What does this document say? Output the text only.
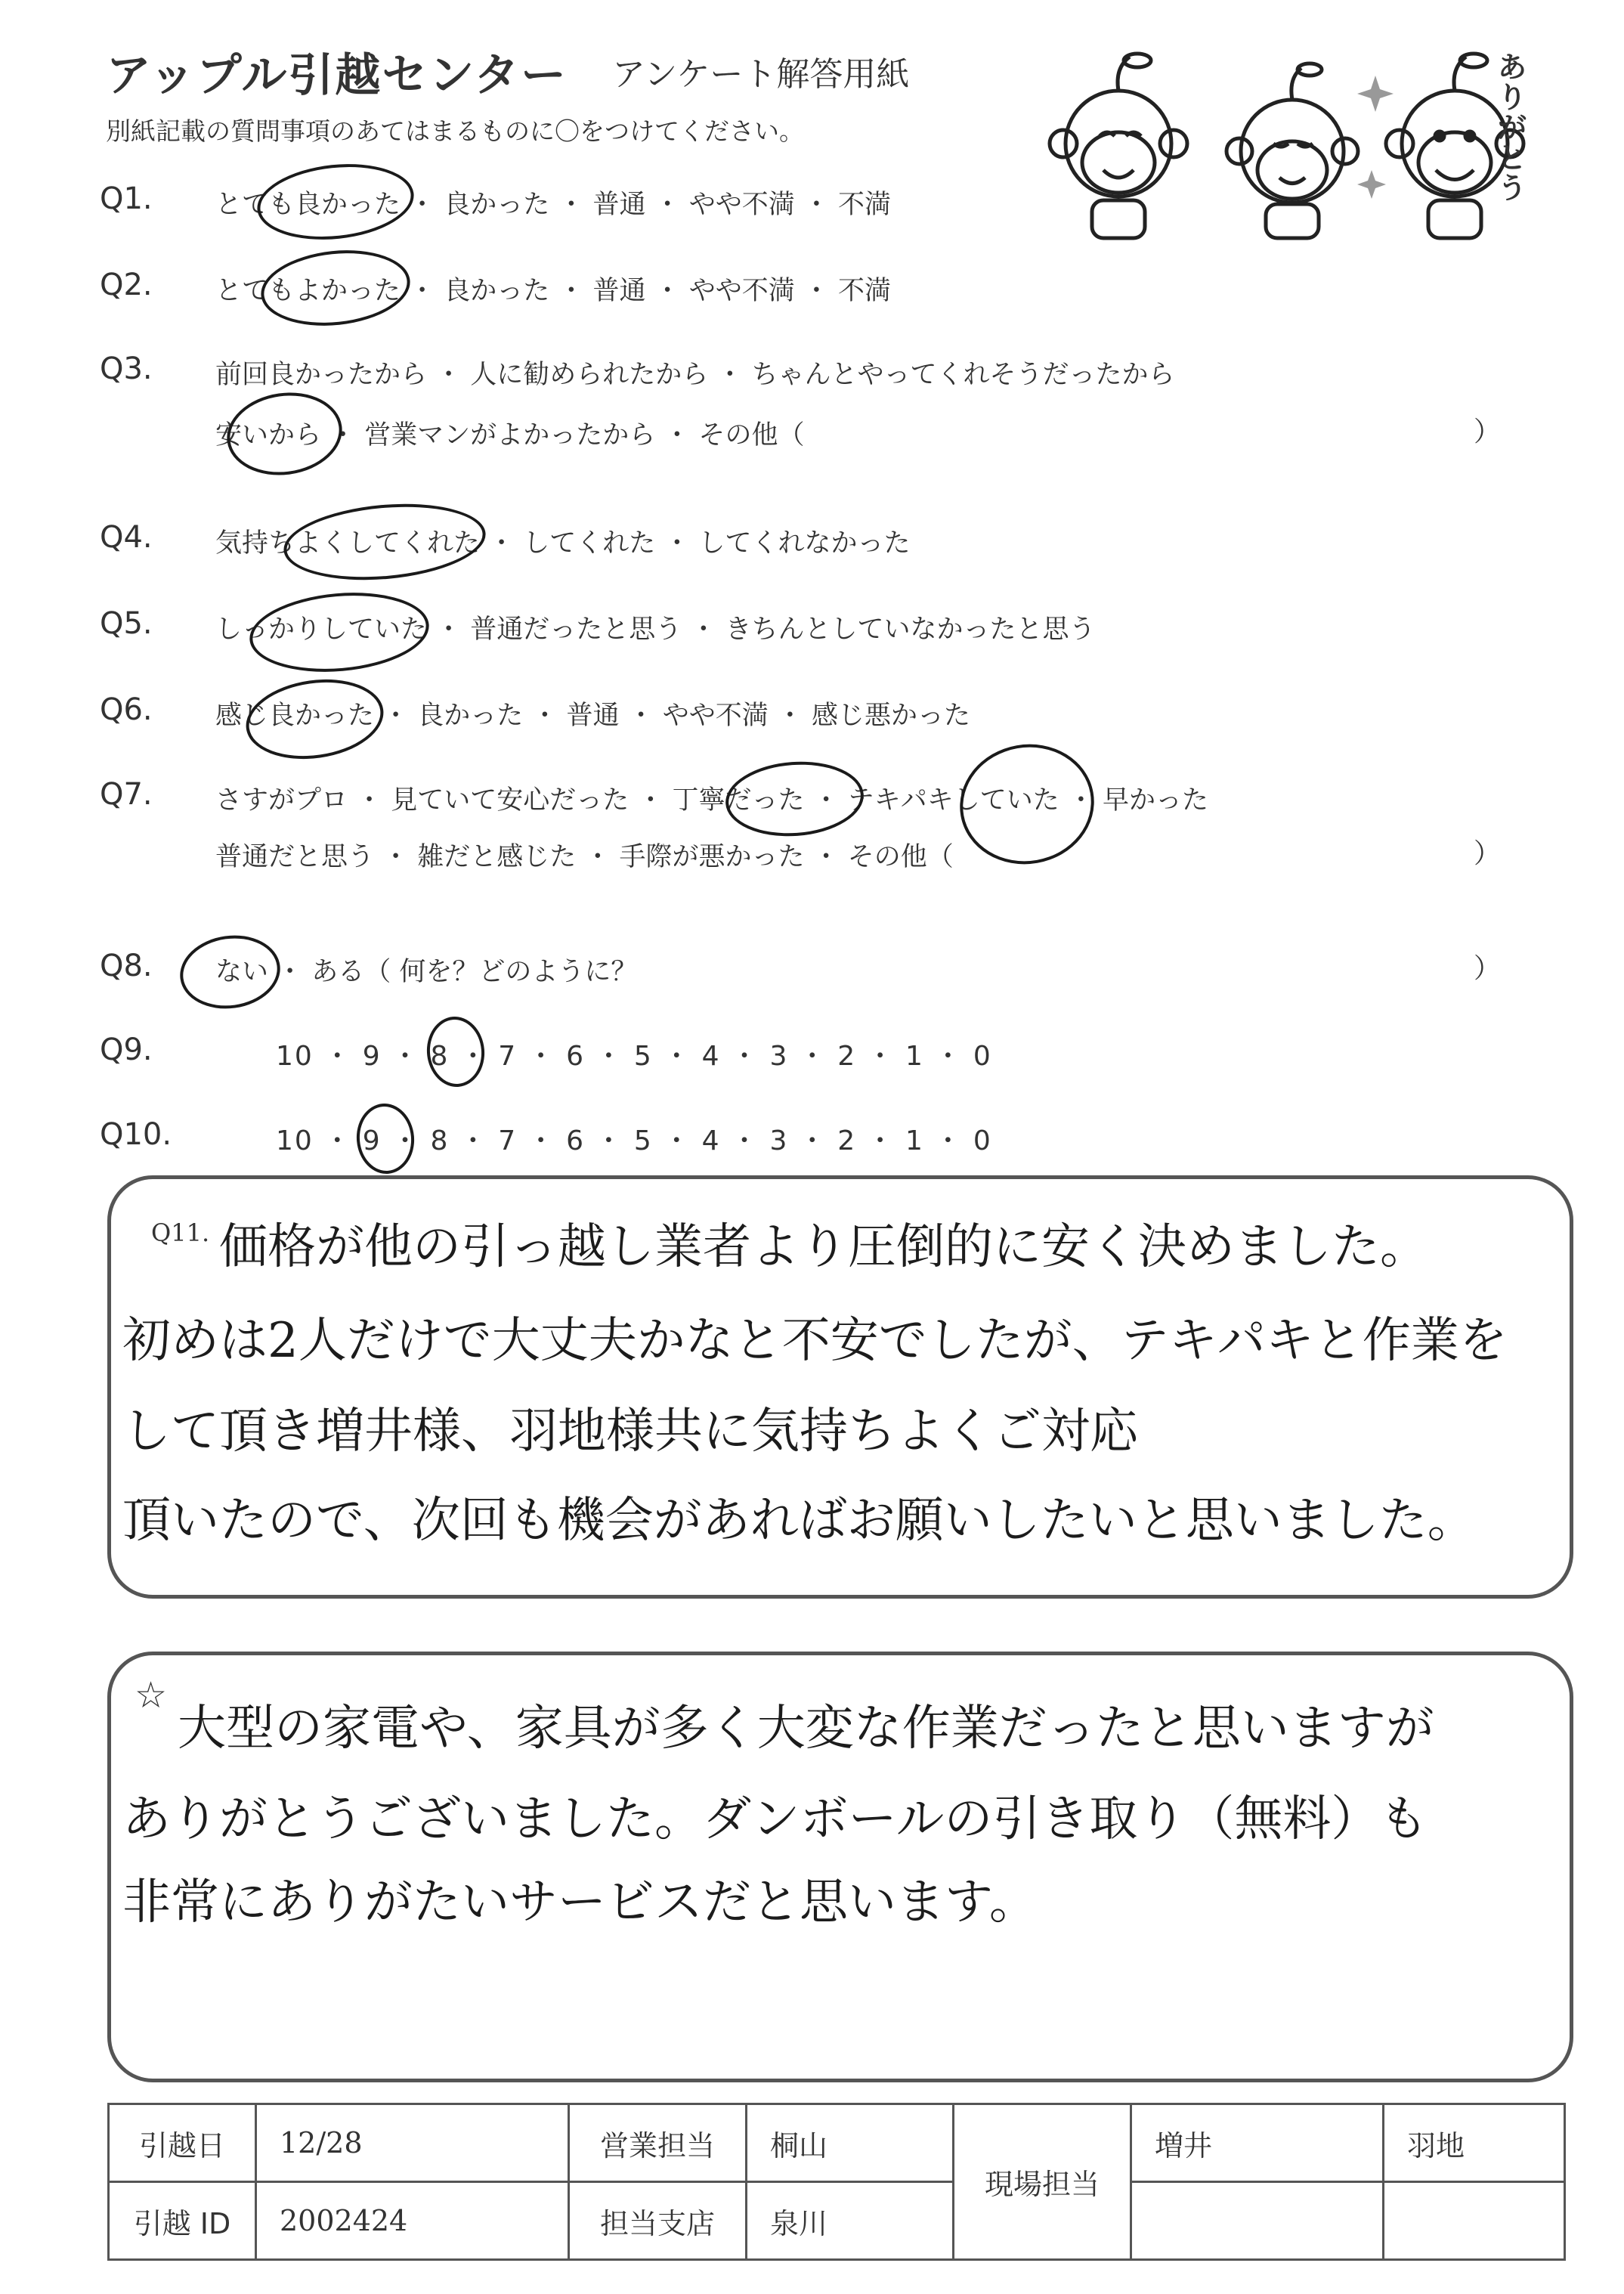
アップル引越センター アンケート解答用紙
別紙記載の質問事項のあてはまるものに〇をつけてください。
ありがとう
Q1. とても良かった ・ 良かった ・ 普通 ・ やや不満 ・ 不満
Q2. とてもよかった ・ 良かった ・ 普通 ・ やや不満 ・ 不満
Q3. 前回良かったから ・ 人に勧められたから ・ ちゃんとやってくれそうだったから
安いから ・ 営業マンがよかったから ・ その他（	）
Q4. 気持ちよくしてくれた ・ してくれた ・ してくれなかった
Q5. しっかりしていた ・ 普通だったと思う ・ きちんとしていなかったと思う
Q6. 感じ良かった ・ 良かった ・ 普通 ・ やや不満 ・ 感じ悪かった
Q7. さすがプロ ・ 見ていて安心だった ・ 丁寧だった ・ テキパキしていた ・ 早かった
普通だと思う ・ 雑だと感じた ・ 手際が悪かった ・ その他（	）
Q8. ない ・ ある（ 何を？どのように？	）
Q9.	10 ・ 9 ・ 8 ・ 7 ・ 6 ・ 5 ・ 4 ・ 3 ・ 2 ・ 1 ・ 0
Q10.	10 ・ 9 ・ 8 ・ 7 ・ 6 ・ 5 ・ 4 ・ 3 ・ 2 ・ 1 ・ 0
Q11. 価格が他の引っ越し業者より圧倒的に安く決めました。
初めは2人だけで大丈夫かなと不安でしたが、テキパキと作業を
して頂き増井様、羽地様共に気持ちよくご対応
頂いたので、次回も機会があればお願いしたいと思いました。
☆
大型の家電や、家具が多く大変な作業だったと思いますが
ありがとうございました。ダンボールの引き取り（無料）も
非常にありがたいサービスだと思います。
引越日	12/28	営業担当	桐山	現場担当	増井	羽地
引越 ID	2002424	担当支店	泉川			
